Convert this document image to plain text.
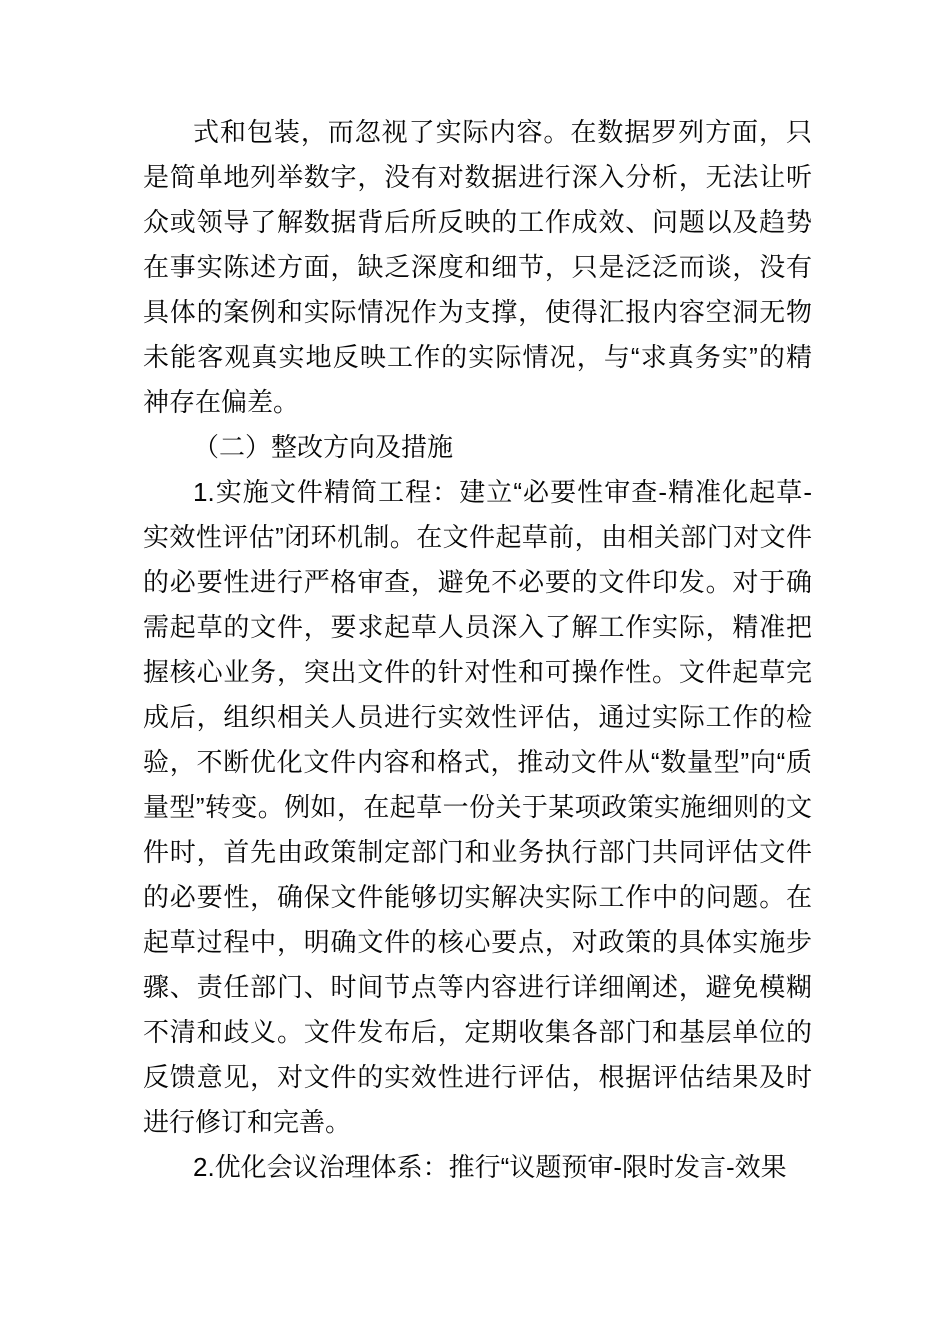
式和包装，而忽视了实际内容。在数据罗列方面，只
是简单地列举数字，没有对数据进行深入分析，无法让听
众或领导了解数据背后所反映的工作成效、问题以及趋势
在事实陈述方面，缺乏深度和细节，只是泛泛而谈，没有
具体的案例和实际情况作为支撑，使得汇报内容空洞无物
未能客观真实地反映工作的实际情况，与“求真务实”的精
神存在偏差。
（二）整改方向及措施
1.实施文件精简工程：建立“必要性审查-精准化起草-
实效性评估”闭环机制。在文件起草前，由相关部门对文件
的必要性进行严格审查，避免不必要的文件印发。对于确
需起草的文件，要求起草人员深入了解工作实际，精准把
握核心业务，突出文件的针对性和可操作性。文件起草完
成后，组织相关人员进行实效性评估，通过实际工作的检
验，不断优化文件内容和格式，推动文件从“数量型”向“质
量型”转变。例如，在起草一份关于某项政策实施细则的文
件时，首先由政策制定部门和业务执行部门共同评估文件
的必要性，确保文件能够切实解决实际工作中的问题。在
起草过程中，明确文件的核心要点，对政策的具体实施步
骤、责任部门、时间节点等内容进行详细阐述，避免模糊
不清和歧义。文件发布后，定期收集各部门和基层单位的
反馈意见，对文件的实效性进行评估，根据评估结果及时
进行修订和完善。
2.优化会议治理体系：推行“议题预审-限时发言-效果
